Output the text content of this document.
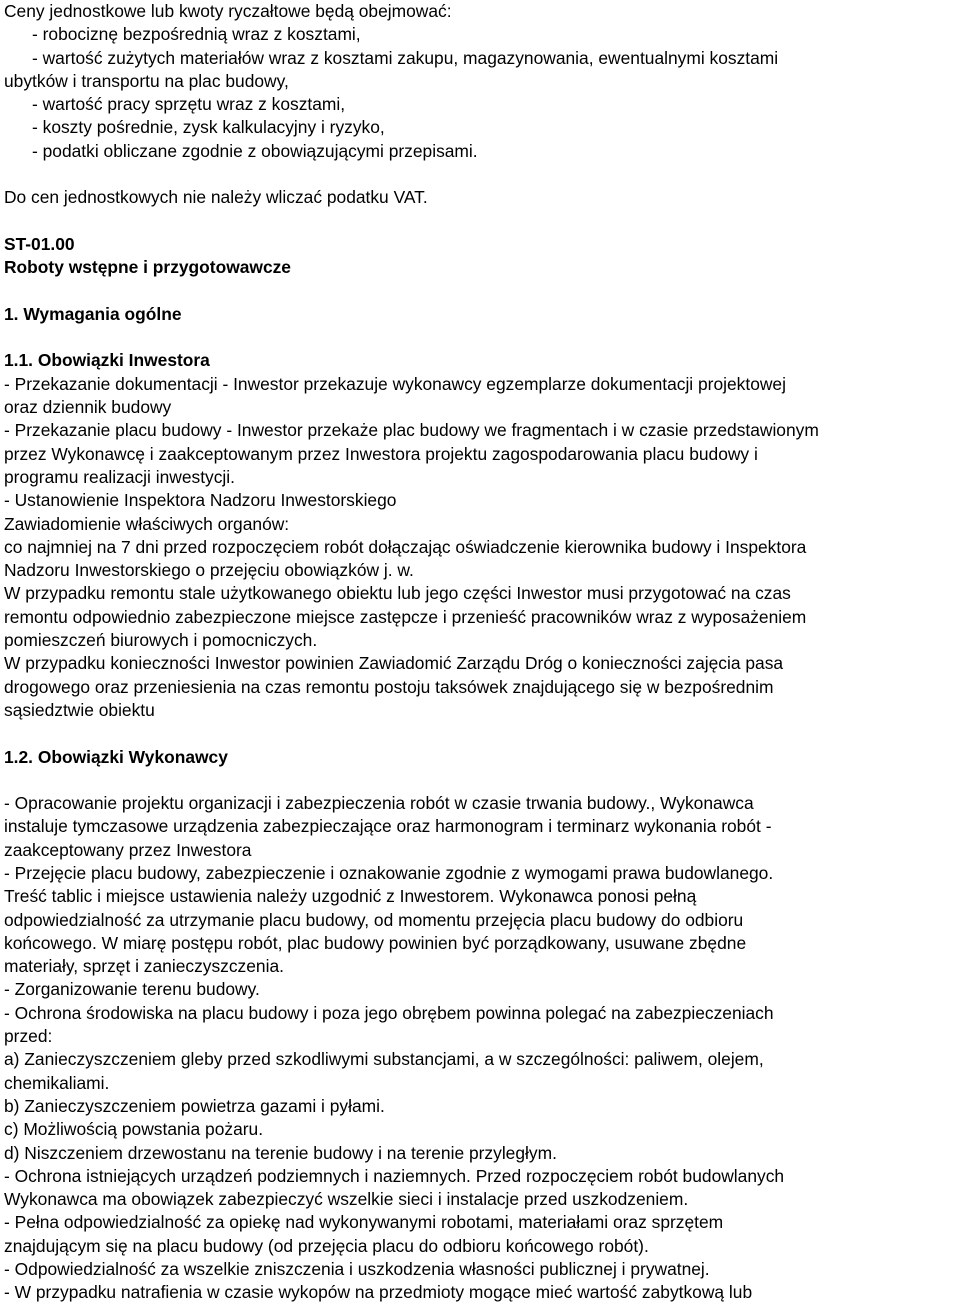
Ceny jednostkowe lub kwoty ryczałtowe będą obejmować:
- robociznę bezpośrednią wraz z kosztami,
- wartość zużytych materiałów wraz z kosztami zakupu, magazynowania, ewentualnymi kosztami
ubytków i transportu na plac budowy,
- wartość pracy sprzętu wraz z kosztami,
- koszty pośrednie, zysk kalkulacyjny i ryzyko,
- podatki obliczane zgodnie z obowiązującymi przepisami.
Do cen jednostkowych nie należy wliczać podatku VAT.
ST-01.00
Roboty wstępne i przygotowawcze
1. Wymagania ogólne
1.1. Obowiązki Inwestora
- Przekazanie dokumentacji - Inwestor przekazuje wykonawcy egzemplarze dokumentacji projektowej
oraz dziennik budowy
- Przekazanie placu budowy - Inwestor przekaże plac budowy we fragmentach i w czasie przedstawionym
przez Wykonawcę i zaakceptowanym przez Inwestora projektu zagospodarowania placu budowy i
programu realizacji inwestycji.
- Ustanowienie Inspektora Nadzoru Inwestorskiego
Zawiadomienie właściwych organów:
co najmniej na 7 dni przed rozpoczęciem robót dołączając oświadczenie kierownika budowy i Inspektora
Nadzoru Inwestorskiego o przejęciu obowiązków j. w.
W przypadku remontu stale użytkowanego obiektu lub jego części Inwestor musi przygotować na czas
remontu odpowiednio zabezpieczone miejsce zastępcze i przenieść pracowników wraz z wyposażeniem
pomieszczeń biurowych i pomocniczych.
W przypadku konieczności Inwestor powinien Zawiadomić Zarządu Dróg o konieczności zajęcia pasa
drogowego oraz przeniesienia na czas remontu postoju taksówek znajdującego się w bezpośrednim
sąsiedztwie obiektu
1.2. Obowiązki Wykonawcy
- Opracowanie projektu organizacji i zabezpieczenia robót w czasie trwania budowy., Wykonawca
instaluje tymczasowe urządzenia zabezpieczające oraz harmonogram i terminarz wykonania robót -
zaakceptowany przez Inwestora
- Przejęcie placu budowy, zabezpieczenie i oznakowanie zgodnie z wymogami prawa budowlanego.
Treść tablic i miejsce ustawienia należy uzgodnić z Inwestorem. Wykonawca ponosi pełną
odpowiedzialność za utrzymanie placu budowy, od momentu przejęcia placu budowy do odbioru
końcowego. W miarę postępu robót, plac budowy powinien być porządkowany, usuwane zbędne
materiały, sprzęt i zanieczyszczenia.
- Zorganizowanie terenu budowy.
- Ochrona środowiska na placu budowy i poza jego obrębem powinna polegać na zabezpieczeniach
przed:
a) Zanieczyszczeniem gleby przed szkodliwymi substancjami, a w szczególności: paliwem, olejem,
chemikaliami.
b) Zanieczyszczeniem powietrza gazami i pyłami.
c) Możliwością powstania pożaru.
d) Niszczeniem drzewostanu na terenie budowy i na terenie przyległym.
- Ochrona istniejących urządzeń podziemnych i naziemnych. Przed rozpoczęciem robót budowlanych
Wykonawca ma obowiązek zabezpieczyć wszelkie sieci i instalacje przed uszkodzeniem.
- Pełna odpowiedzialność za opiekę nad wykonywanymi robotami, materiałami oraz sprzętem
znajdującym się na placu budowy (od przejęcia placu do odbioru końcowego robót).
- Odpowiedzialność za wszelkie zniszczenia i uszkodzenia własności publicznej i prywatnej.
- W przypadku natrafienia w czasie wykopów na przedmioty mogące mieć wartość zabytkową lub
